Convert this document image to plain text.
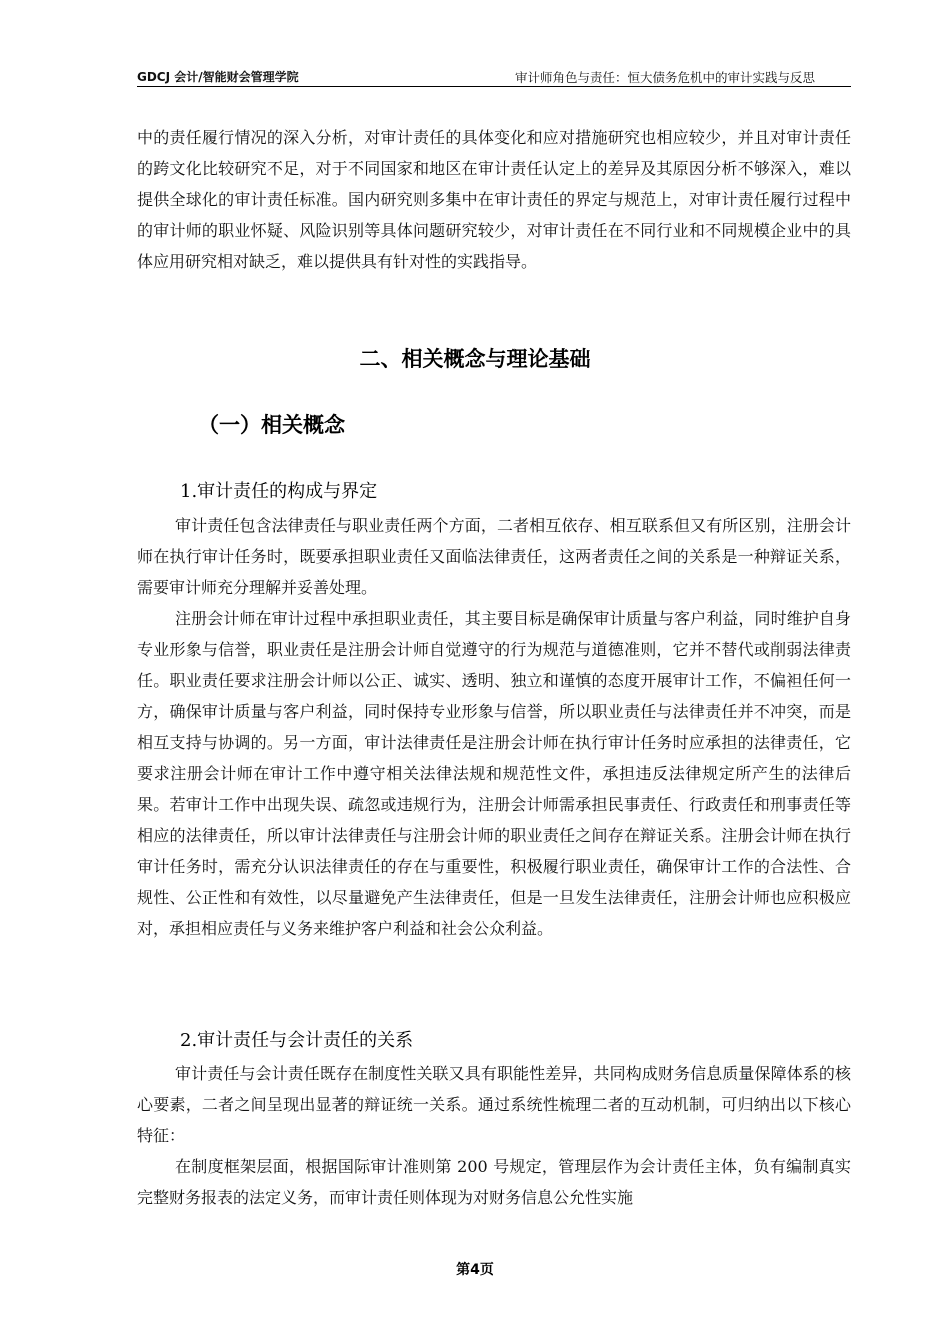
GDCJ 会计/智能财会管理学院	审计师角色与责任：恒大债务危机中的审计实践与反思
中的责任履行情况的深入分析，对审计责任的具体变化和应对措施研究也相应较少，并且对审计责任的跨文化比较研究不足，对于不同国家和地区在审计责任认定上的差异及其原因分析不够深入，难以提供全球化的审计责任标准。国内研究则多集中在审计责任的界定与规范上，对审计责任履行过程中的审计师的职业怀疑、风险识别等具体问题研究较少，对审计责任在不同行业和不同规模企业中的具体应用研究相对缺乏，难以提供具有针对性的实践指导。
二、相关概念与理论基础
（一）相关概念
1.审计责任的构成与界定
审计责任包含法律责任与职业责任两个方面，二者相互依存、相互联系但又有所区别，注册会计师在执行审计任务时，既要承担职业责任又面临法律责任，这两者责任之间的关系是一种辩证关系，需要审计师充分理解并妥善处理。
注册会计师在审计过程中承担职业责任，其主要目标是确保审计质量与客户利益，同时维护自身专业形象与信誉，职业责任是注册会计师自觉遵守的行为规范与道德准则，它并不替代或削弱法律责任。职业责任要求注册会计师以公正、诚实、透明、独立和谨慎的态度开展审计工作，不偏袒任何一方，确保审计质量与客户利益，同时保持专业形象与信誉，所以职业责任与法律责任并不冲突，而是相互支持与协调的。另一方面，审计法律责任是注册会计师在执行审计任务时应承担的法律责任，它要求注册会计师在审计工作中遵守相关法律法规和规范性文件，承担违反法律规定所产生的法律后果。若审计工作中出现失误、疏忽或违规行为，注册会计师需承担民事责任、行政责任和刑事责任等相应的法律责任，所以审计法律责任与注册会计师的职业责任之间存在辩证关系。注册会计师在执行审计任务时，需充分认识法律责任的存在与重要性，积极履行职业责任，确保审计工作的合法性、合规性、公正性和有效性，以尽量避免产生法律责任，但是一旦发生法律责任，注册会计师也应积极应对，承担相应责任与义务来维护客户利益和社会公众利益。
2.审计责任与会计责任的关系
审计责任与会计责任既存在制度性关联又具有职能性差异，共同构成财务信息质量保障体系的核心要素，二者之间呈现出显著的辩证统一关系。通过系统性梳理二者的互动机制，可归纳出以下核心特征：
在制度框架层面，根据国际审计准则第 200 号规定，管理层作为会计责任主体，负有编制真实完整财务报表的法定义务，而审计责任则体现为对财务信息公允性实施
第4页
